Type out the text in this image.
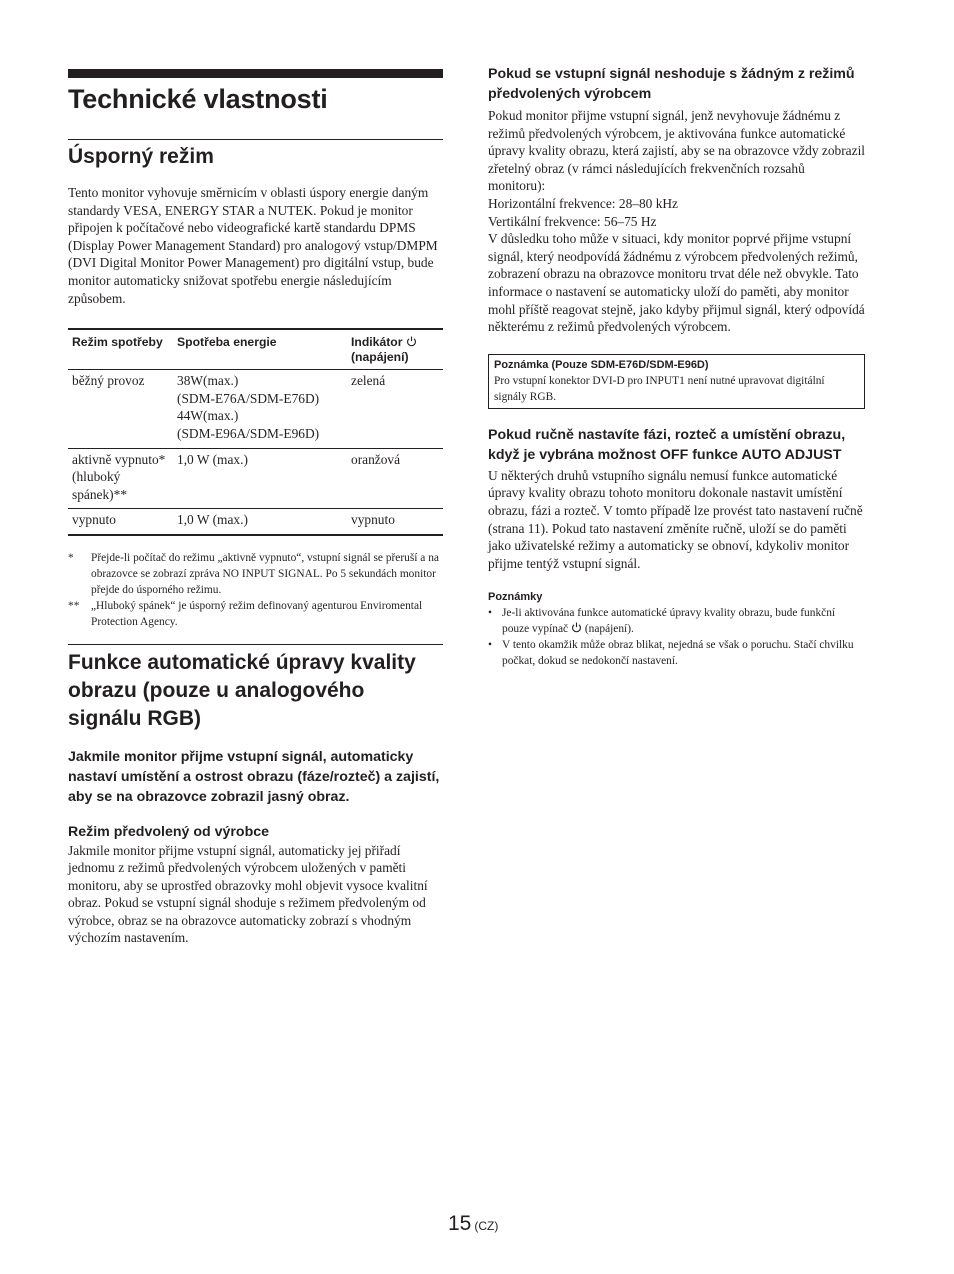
Technické vlastnosti
Úsporný režim

Tento monitor vyhovuje směrnicím v oblasti úspory energie daným standardy VESA, ENERGY STAR a NUTEK. Pokud je monitor připojen k počítačové nebo videografické kartě standardu DPMS (Display Power Management Standard) pro analogový vstup/DMPM (DVI Digital Monitor Power Management) pro digitální vstup, bude monitor automaticky snižovat spotřebu energie následujícím způsobem.

Režim spotřeby	Spotřeba energie	Indikátor
(napájení)
běžný provoz	38W(max.)
(SDM-E76A/SDM-E76D)
44W(max.)
(SDM-E96A/SDM-E96D)	zelená
aktivně vypnuto* (hluboký spánek)**	1,0 W (max.)	oranžová
vypnuto	1,0 W (max.)	vypnuto
*	Přejde-li počítač do režimu „aktivně vypnuto“, vstupní signál se přeruší a na obrazovce se zobrazí zpráva NO INPUT SIGNAL. Po 5 sekundách monitor přejde do úsporného režimu.
**	„Hluboký spánek“ je úsporný režim definovaný agenturou Enviromental Protection Agency.
Funkce automatické úpravy kvality obrazu (pouze u analogového signálu RGB)

Jakmile monitor přijme vstupní signál, automaticky nastaví umístění a ostrost obrazu (fáze/rozteč) a zajistí, aby se na obrazovce zobrazil jasný obraz.

Režim předvolený od výrobce

Jakmile monitor přijme vstupní signál, automaticky jej přiřadí jednomu z režimů předvolených výrobcem uložených v paměti monitoru, aby se uprostřed obrazovky mohl objevit vysoce kvalitní obraz. Pokud se vstupní signál shoduje s režimem předvoleným od výrobce, obraz se na obrazovce automaticky zobrazí s vhodným výchozím nastavením.

Pokud se vstupní signál neshoduje s žádným z režimů předvolených výrobcem

Pokud monitor přijme vstupní signál, jenž nevyhovuje žádnému z režimů předvolených výrobcem, je aktivována funkce automatické úpravy kvality obrazu, která zajistí, aby se na obrazovce vždy zobrazil zřetelný obraz (v rámci následujících frekvenčních rozsahů monitoru):

Horizontální frekvence: 28–80 kHz

Vertikální frekvence: 56–75 Hz

V důsledku toho může v situaci, kdy monitor poprvé přijme vstupní signál, který neodpovídá žádnému z výrobcem předvolených režimů, zobrazení obrazu na obrazovce monitoru trvat déle než obvykle. Tato informace o nastavení se automaticky uloží do paměti, aby monitor mohl příště reagovat stejně, jako kdyby přijmul signál, který odpovídá některému z režimů předvolených výrobcem.

Poznámka (Pouze SDM-E76D/SDM-E96D)
Pro vstupní konektor DVI-D pro INPUT1 není nutné upravovat digitální signály RGB.

Pokud ručně nastavíte fázi, rozteč a umístění obrazu, když je vybrána možnost OFF funkce AUTO ADJUST

U některých druhů vstupního signálu nemusí funkce automatické úpravy kvality obrazu tohoto monitoru dokonale nastavit umístění obrazu, fázi a rozteč. V tomto případě lze provést tato nastavení ručně (strana 11). Pokud tato nastavení změníte ručně, uloží se do paměti jako uživatelské režimy a automaticky se obnoví, kdykoliv monitor přijme tentýž vstupní signál.

Poznámky
• Je-li aktivována funkce automatické úpravy kvality obrazu, bude funkční pouze vypínač (napájení).
• V tento okamžik může obraz blikat, nejedná se však o poruchu. Stačí chvilku počkat, dokud se nedokončí nastavení.
15 (CZ)
